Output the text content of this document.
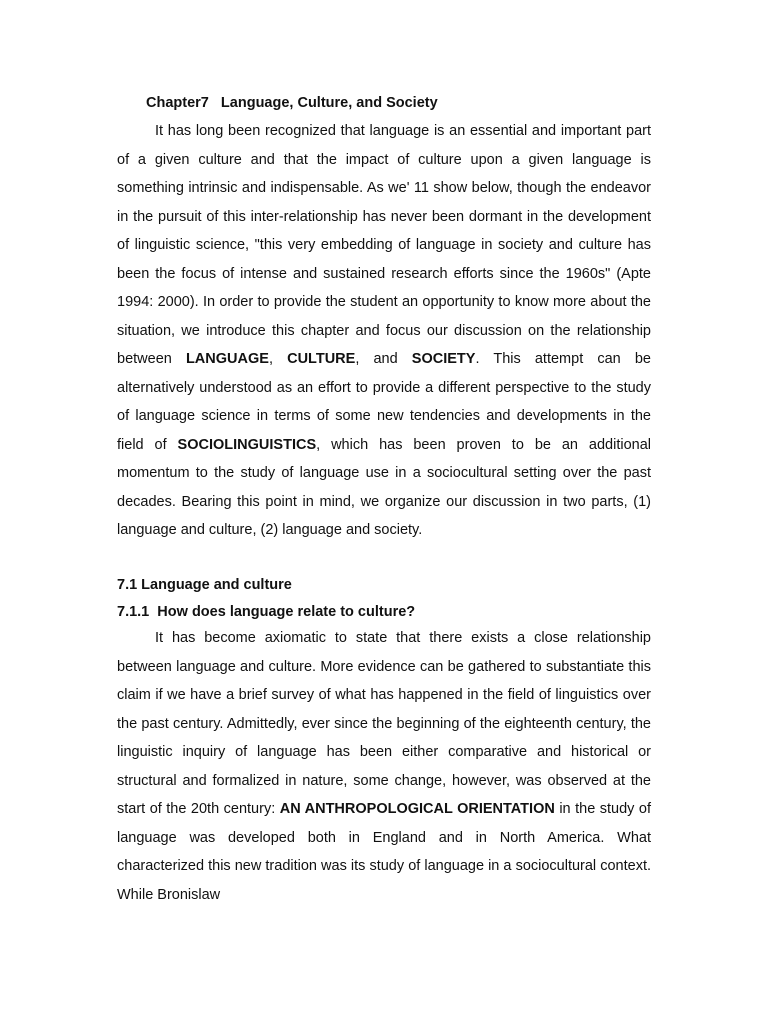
Chapter7   Language, Culture, and Society

It has long been recognized that language is an essential and important part of a given culture and that the impact of culture upon a given language is something intrinsic and indispensable. As we' 11 show below, though the endeavor in the pursuit of this inter-relationship has never been dormant in the development of linguistic science, "this very embedding of language in society and culture has been the focus of intense and sustained research efforts since the 1960s" (Apte 1994: 2000). In order to provide the student an opportunity to know more about the situation, we introduce this chapter and focus our discussion on the relationship between LANGUAGE, CULTURE, and SOCIETY. This attempt can be alternatively understood as an effort to provide a different perspective to the study of language science in terms of some new tendencies and developments in the field of SOCIOLINGUISTICS, which has been proven to be an additional momentum to the study of language use in a sociocultural setting over the past decades. Bearing this point in mind, we organize our discussion in two parts, (1) language and culture, (2) language and society.

7.1 Language and culture
7.1.1  How does language relate to culture?

It has become axiomatic to state that there exists a close relationship between language and culture. More evidence can be gathered to substantiate this claim if we have a brief survey of what has happened in the field of linguistics over the past century. Admittedly, ever since the beginning of the eighteenth century, the linguistic inquiry of language has been either comparative and historical or structural and formalized in nature, some change, however, was observed at the start of the 20th century: AN ANTHROPOLOGICAL ORIENTATION in the study of language was developed both in England and in North America. What characterized this new tradition was its study of language in a sociocultural context. While Bronislaw
